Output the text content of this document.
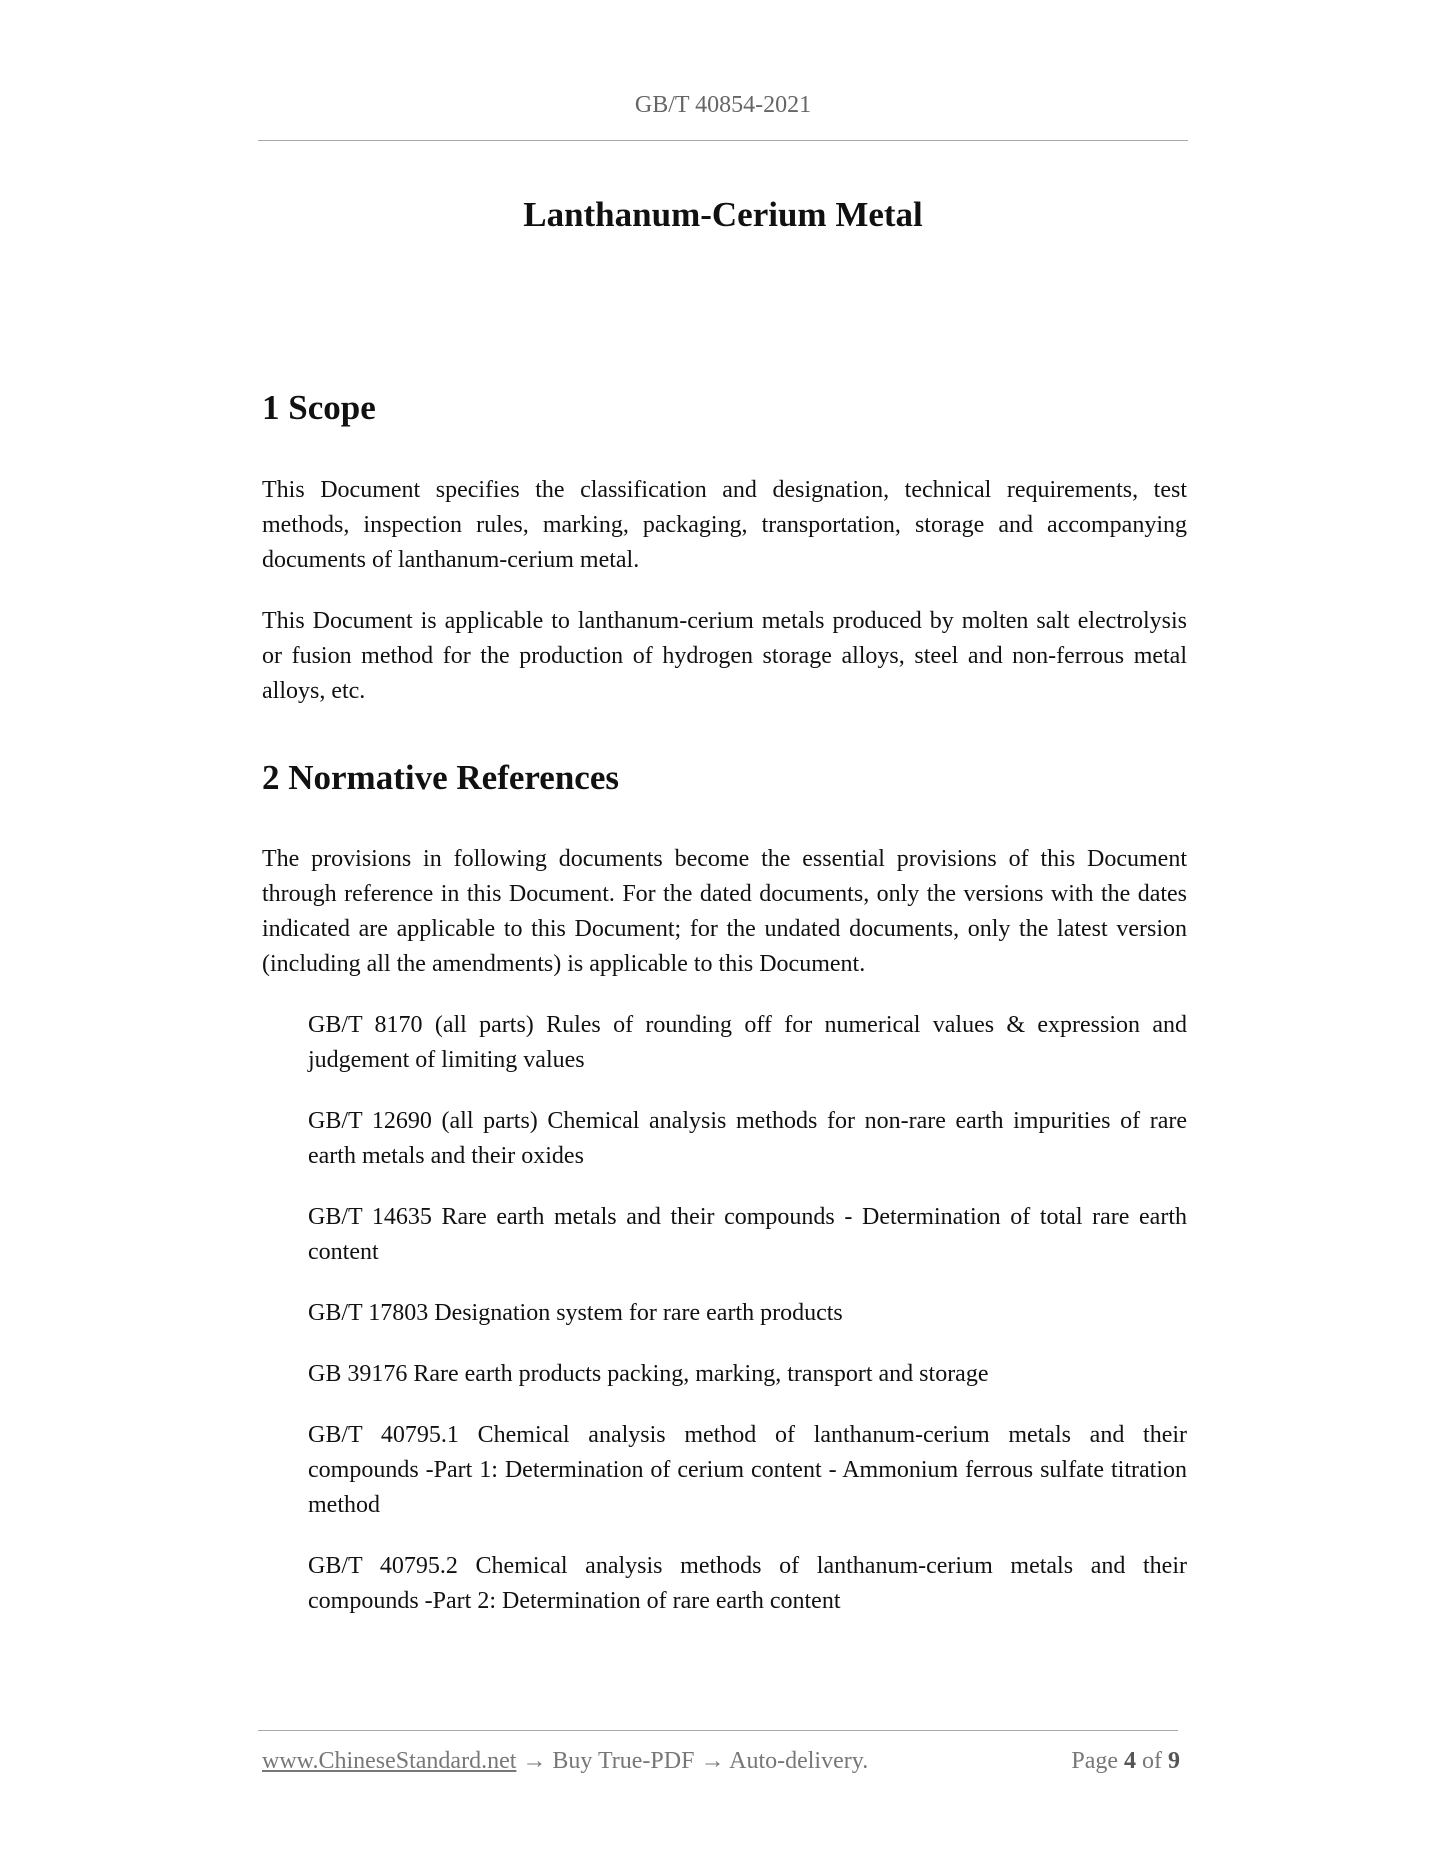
GB/T 40854-2021
Lanthanum-Cerium Metal
1 Scope

This Document specifies the classification and designation, technical requirements, test methods, inspection rules, marking, packaging, transportation, storage and accompanying documents of lanthanum-cerium metal.

This Document is applicable to lanthanum-cerium metals produced by molten salt electrolysis or fusion method for the production of hydrogen storage alloys, steel and non-ferrous metal alloys, etc.

2 Normative References

The provisions in following documents become the essential provisions of this Document through reference in this Document. For the dated documents, only the versions with the dates indicated are applicable to this Document; for the undated documents, only the latest version (including all the amendments) is applicable to this Document.

GB/T 8170 (all parts) Rules of rounding off for numerical values & expression and judgement of limiting values

GB/T 12690 (all parts) Chemical analysis methods for non-rare earth impurities of rare earth metals and their oxides

GB/T 14635 Rare earth metals and their compounds - Determination of total rare earth content

GB/T 17803 Designation system for rare earth products

GB 39176 Rare earth products packing, marking, transport and storage

GB/T 40795.1 Chemical analysis method of lanthanum-cerium metals and their compounds -Part 1: Determination of cerium content - Ammonium ferrous sulfate titration method

GB/T 40795.2 Chemical analysis methods of lanthanum-cerium metals and their compounds -Part 2: Determination of rare earth content

www.ChineseStandard.net → Buy True-PDF → Auto-delivery.	Page 4 of 9
